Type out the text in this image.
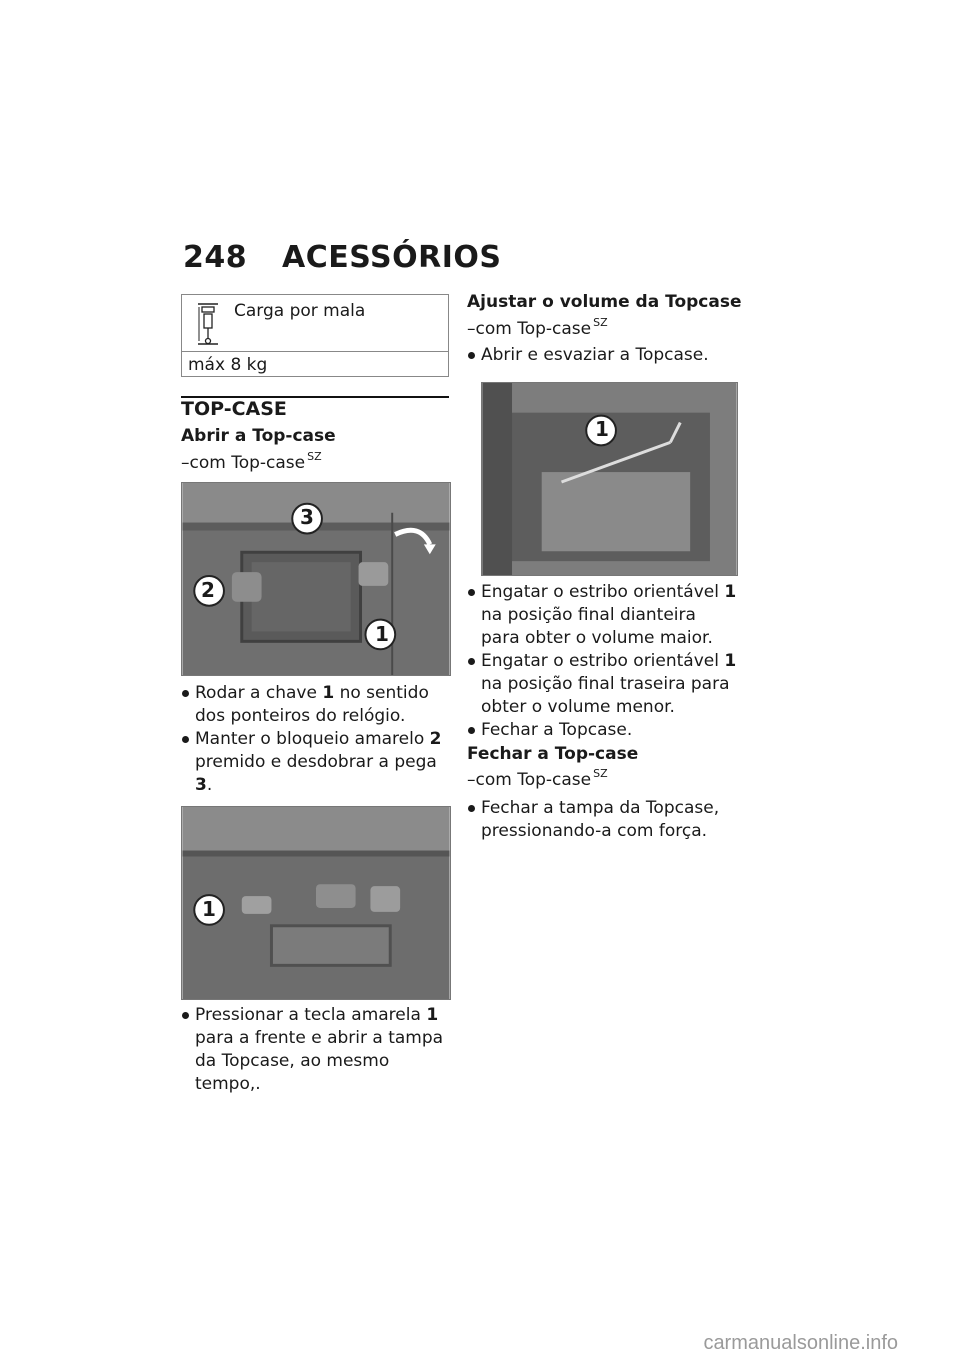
248 ACESSÓRIOS
Carga por mala
máx 8 kg
TOP-CASE
Abrir a Top-case
–com Top-case $^{SZ}$
3
2
1
Rodar a chave 1 no sentido dos ponteiros do relógio.
Manter o bloqueio amarelo 2 premido e desdobrar a pega 3.
1
Pressionar a tecla amarela 1 para a frente e abrir a tampa da Topcase, ao mesmo tempo,.
Ajustar o volume da Topcase
–com Top-case $^{SZ}$
Abrir e esvaziar a Topcase.
1
Engatar o estribo orientável 1 na posição final dianteira para obter o volume maior.
Engatar o estribo orientável 1 na posição final traseira para obter o volume menor.
Fechar a Topcase.
Fechar a Top-case
–com Top-case $^{SZ}$
Fechar a tampa da Topcase, pressionando-a com força.
carmanualsonline.info
